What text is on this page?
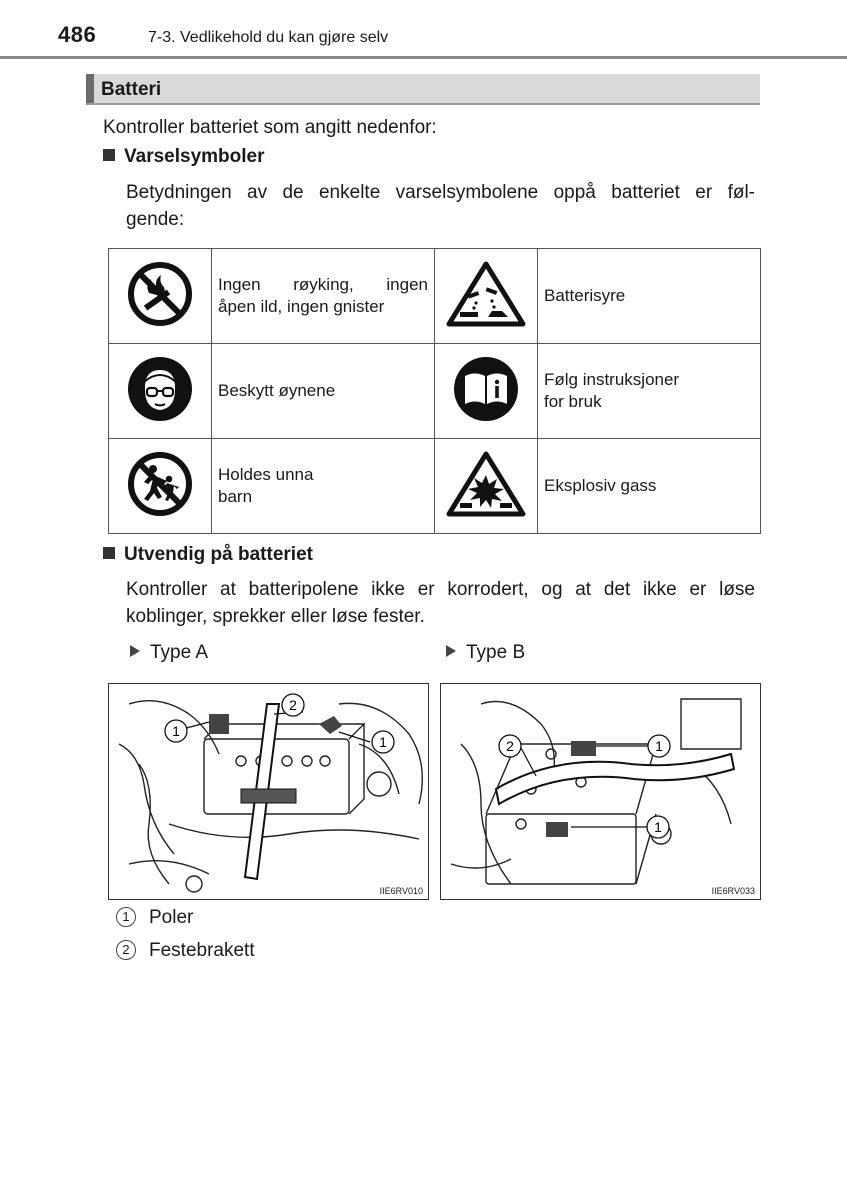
486	7-3. Vedlikehold du kan gjøre selv
Batteri
Kontroller batteriet som angitt nedenfor:
Varselsymboler
Betydningen av de enkelte varselsymbolene oppå batteriet er føl-
gende:

Ingen røyking, ingen
åpen ild, ingen gnister		Batterisyre

Beskytt øynene		Følg instruksjoner
for bruk

Holdes unna
barn		Eksplosiv gass
Utvendig på batteriet
Kontroller at batteripolene ikke er korrodert, og at det ikke er løse
koblinger, sprekker eller løse fester.
Type A	Type B
1
2
1
IIE6RV010
2	1
1
IIE6RV033
1 Poler
2 Festebrakett
